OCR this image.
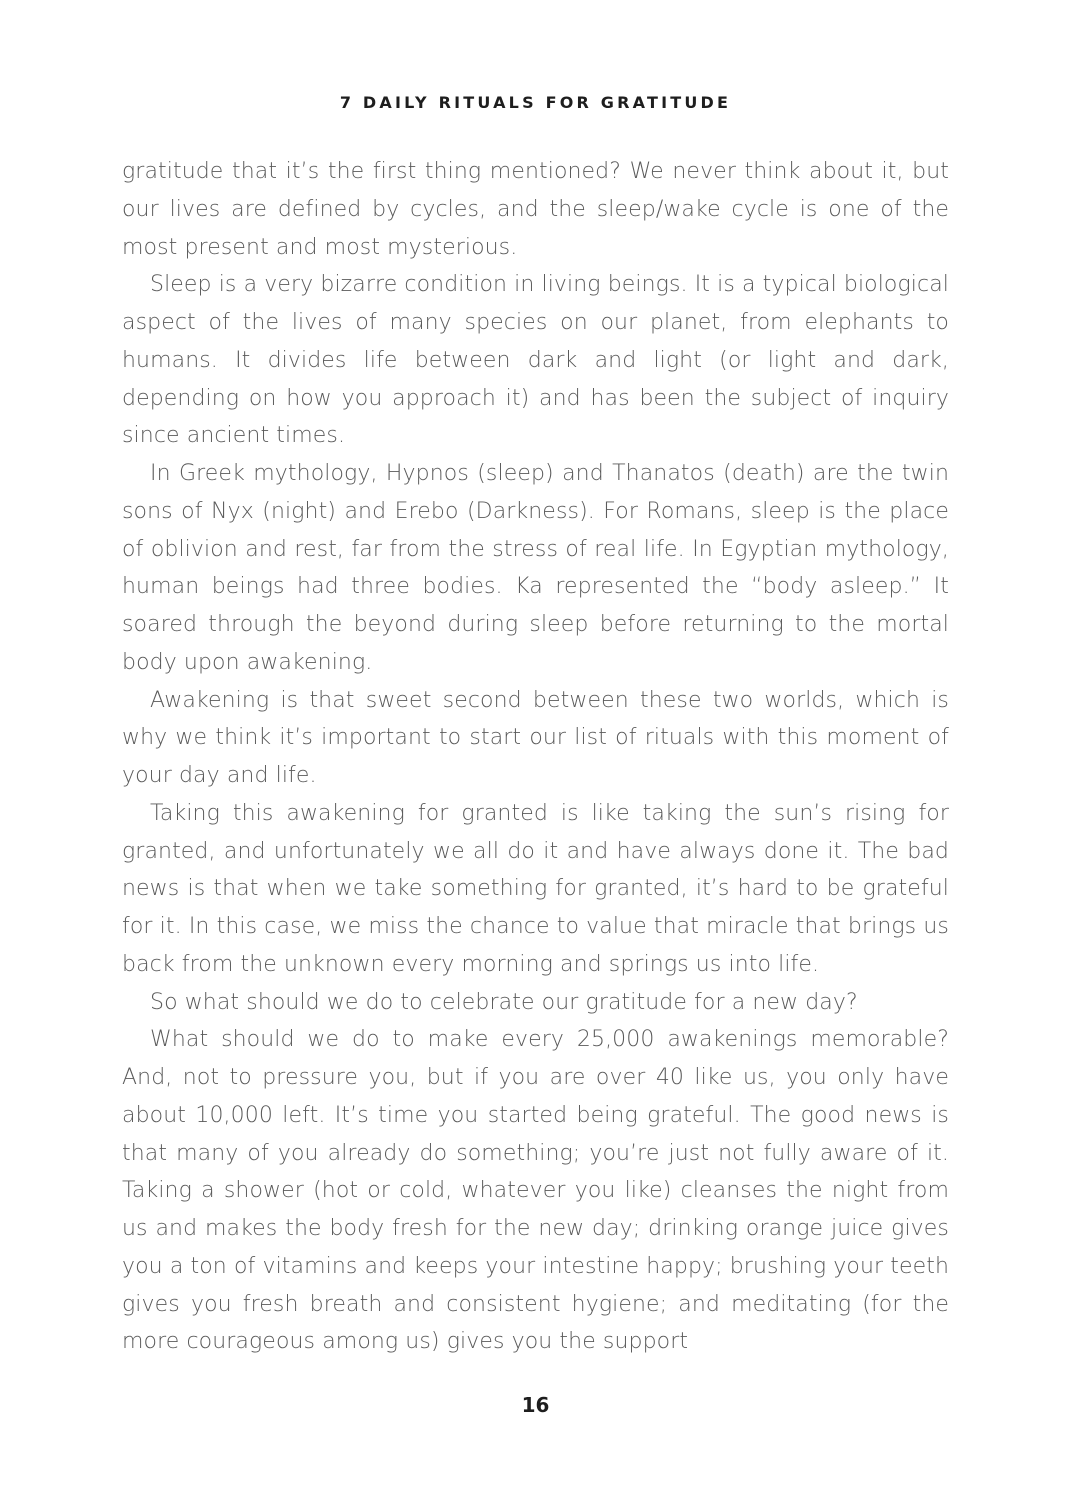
7 DAILY RITUALS FOR GRATITUDE

gratitude that it’s the first thing mentioned? We never think about it, but our lives are defined by cycles, and the sleep/wake cycle is one of the most present and most mysterious.

Sleep is a very bizarre condition in living beings. It is a typical biological aspect of the lives of many species on our planet, from elephants to humans. It divides life between dark and light (or light and dark, depending on how you approach it) and has been the subject of inquiry since ancient times.

In Greek mythology, Hypnos (sleep) and Thanatos (death) are the twin sons of Nyx (night) and Erebo (Darkness). For Romans, sleep is the place of oblivion and rest, far from the stress of real life. In Egyptian mythology, human beings had three bodies. Ka represented the “body asleep.” It soared through the beyond during sleep before returning to the mortal body upon awakening.

Awakening is that sweet second between these two worlds, which is why we think it’s important to start our list of rituals with this moment of your day and life.

Taking this awakening for granted is like taking the sun’s rising for granted, and unfortunately we all do it and have always done it. The bad news is that when we take something for granted, it’s hard to be grateful for it. In this case, we miss the chance to value that miracle that brings us back from the unknown every morning and springs us into life.

So what should we do to celebrate our gratitude for a new day?

What should we do to make every 25,000 awakenings memorable? And, not to pressure you, but if you are over 40 like us, you only have about 10,000 left. It’s time you started being grateful. The good news is that many of you already do something; you’re just not fully aware of it. Taking a shower (hot or cold, whatever you like) cleanses the night from us and makes the body fresh for the new day; drinking orange juice gives you a ton of vitamins and keeps your intestine happy; brushing your teeth gives you fresh breath and consistent hygiene; and meditating (for the more courageous among us) gives you the support

16
